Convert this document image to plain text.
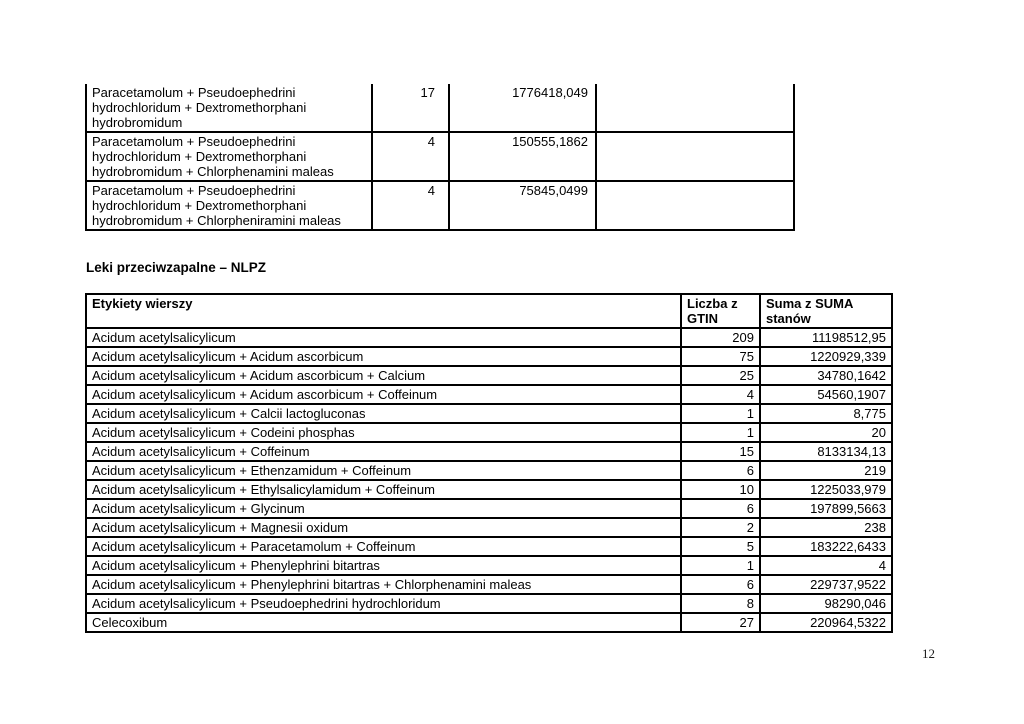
Paracetamolum + Pseudoephedrini hydrochloridum + Dextromethorphani hydrobromidum	17	1776418,049	
Paracetamolum + Pseudoephedrini hydrochloridum + Dextromethorphani hydrobromidum + Chlorphenamini maleas	4	150555,1862	
Paracetamolum + Pseudoephedrini hydrochloridum + Dextromethorphani hydrobromidum + Chlorpheniramini maleas	4	75845,0499	
Leki przeciwzapalne – NLPZ
Etykiety wierszy	Liczba z GTIN	Suma z SUMA stanów
Acidum acetylsalicylicum	209	11198512,95
Acidum acetylsalicylicum + Acidum ascorbicum	75	1220929,339
Acidum acetylsalicylicum + Acidum ascorbicum + Calcium	25	34780,1642
Acidum acetylsalicylicum + Acidum ascorbicum + Coffeinum	4	54560,1907
Acidum acetylsalicylicum + Calcii lactogluconas	1	8,775
Acidum acetylsalicylicum + Codeini phosphas	1	20
Acidum acetylsalicylicum + Coffeinum	15	8133134,13
Acidum acetylsalicylicum + Ethenzamidum + Coffeinum	6	219
Acidum acetylsalicylicum + Ethylsalicylamidum + Coffeinum	10	1225033,979
Acidum acetylsalicylicum + Glycinum	6	197899,5663
Acidum acetylsalicylicum + Magnesii oxidum	2	238
Acidum acetylsalicylicum + Paracetamolum + Coffeinum	5	183222,6433
Acidum acetylsalicylicum + Phenylephrini bitartras	1	4
Acidum acetylsalicylicum + Phenylephrini bitartras + Chlorphenamini maleas	6	229737,9522
Acidum acetylsalicylicum + Pseudoephedrini hydrochloridum	8	98290,046
Celecoxibum	27	220964,5322
12
